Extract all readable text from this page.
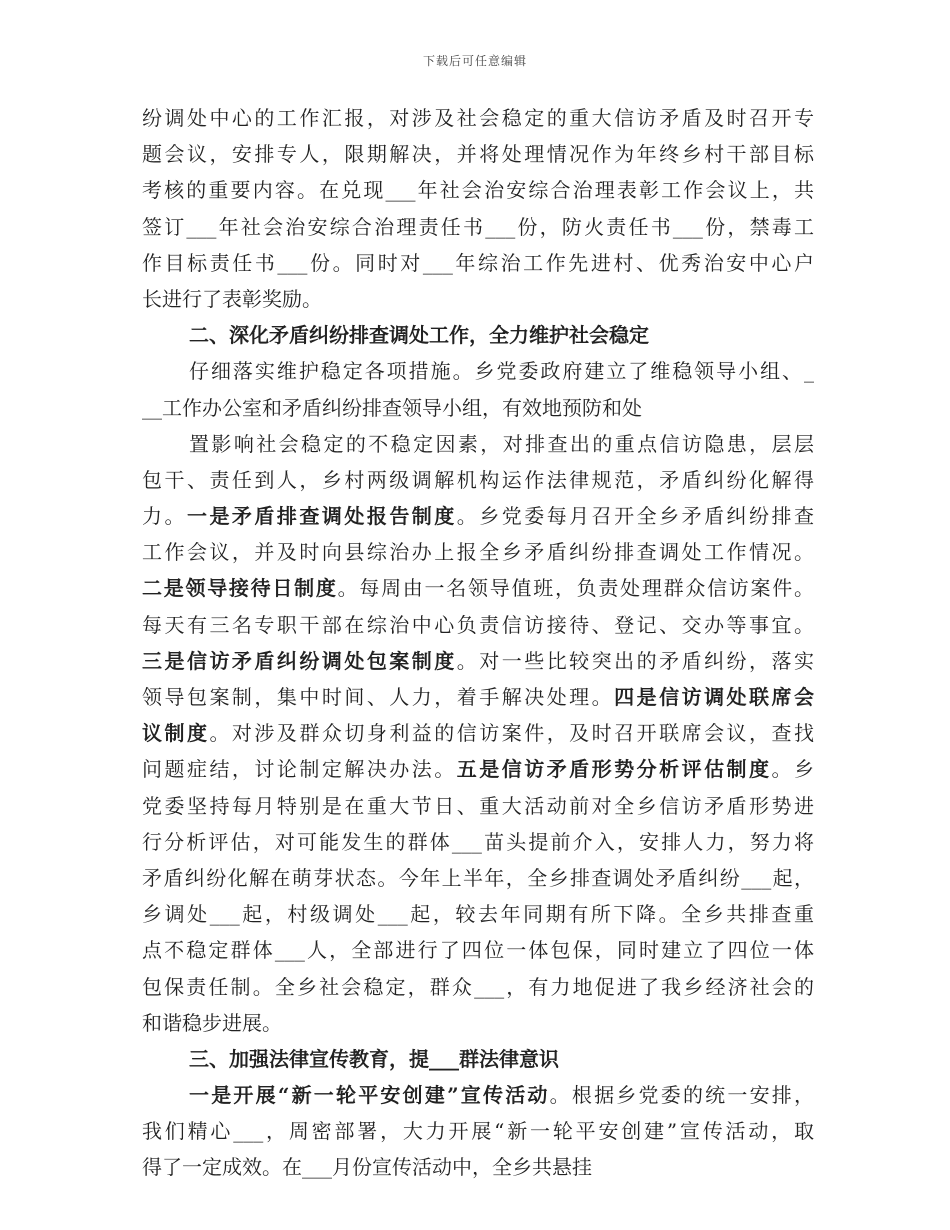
下载后可任意编辑
纷调处中心的工作汇报，对涉及社会稳定的重大信访矛盾及时召开专
题会议，安排专人，限期解决，并将处理情况作为年终乡村干部目标
考核的重要内容。在兑现___年社会治安综合治理表彰工作会议上，共
签订___年社会治安综合治理责任书___份，防火责任书___份，禁毒工
作目标责任书___份。同时对___年综治工作先进村、优秀治安中心户
长进行了表彰奖励。
二、深化矛盾纠纷排查调处工作，全力维护社会稳定
仔细落实维护稳定各项措施。乡党委政府建立了维稳领导小组、_
__工作办公室和矛盾纠纷排查领导小组，有效地预防和处
置影响社会稳定的不稳定因素，对排查出的重点信访隐患，层层
包干、责任到人，乡村两级调解机构运作法律规范，矛盾纠纷化解得
力。一是矛盾排查调处报告制度。乡党委每月召开全乡矛盾纠纷排查
工作会议，并及时向县综治办上报全乡矛盾纠纷排查调处工作情况。
二是领导接待日制度。每周由一名领导值班，负责处理群众信访案件。
每天有三名专职干部在综治中心负责信访接待、登记、交办等事宜。
三是信访矛盾纠纷调处包案制度。对一些比较突出的矛盾纠纷，落实
领导包案制，集中时间、人力，着手解决处理。四是信访调处联席会
议制度。对涉及群众切身利益的信访案件，及时召开联席会议，查找
问题症结，讨论制定解决办法。五是信访矛盾形势分析评估制度。乡
党委坚持每月特别是在重大节日、重大活动前对全乡信访矛盾形势进
行分析评估，对可能发生的群体___苗头提前介入，安排人力，努力将
矛盾纠纷化解在萌芽状态。今年上半年，全乡排查调处矛盾纠纷___起，
乡调处___起，村级调处___起，较去年同期有所下降。全乡共排查重
点不稳定群体___人，全部进行了四位一体包保，同时建立了四位一体
包保责任制。全乡社会稳定，群众___，有力地促进了我乡经济社会的
和谐稳步进展。
三、加强法律宣传教育，提___群法律意识
一是开展“新一轮平安创建”宣传活动。根据乡党委的统一安排，
我们精心___，周密部署，大力开展“新一轮平安创建”宣传活动，取
得了一定成效。在___月份宣传活动中，全乡共悬挂
